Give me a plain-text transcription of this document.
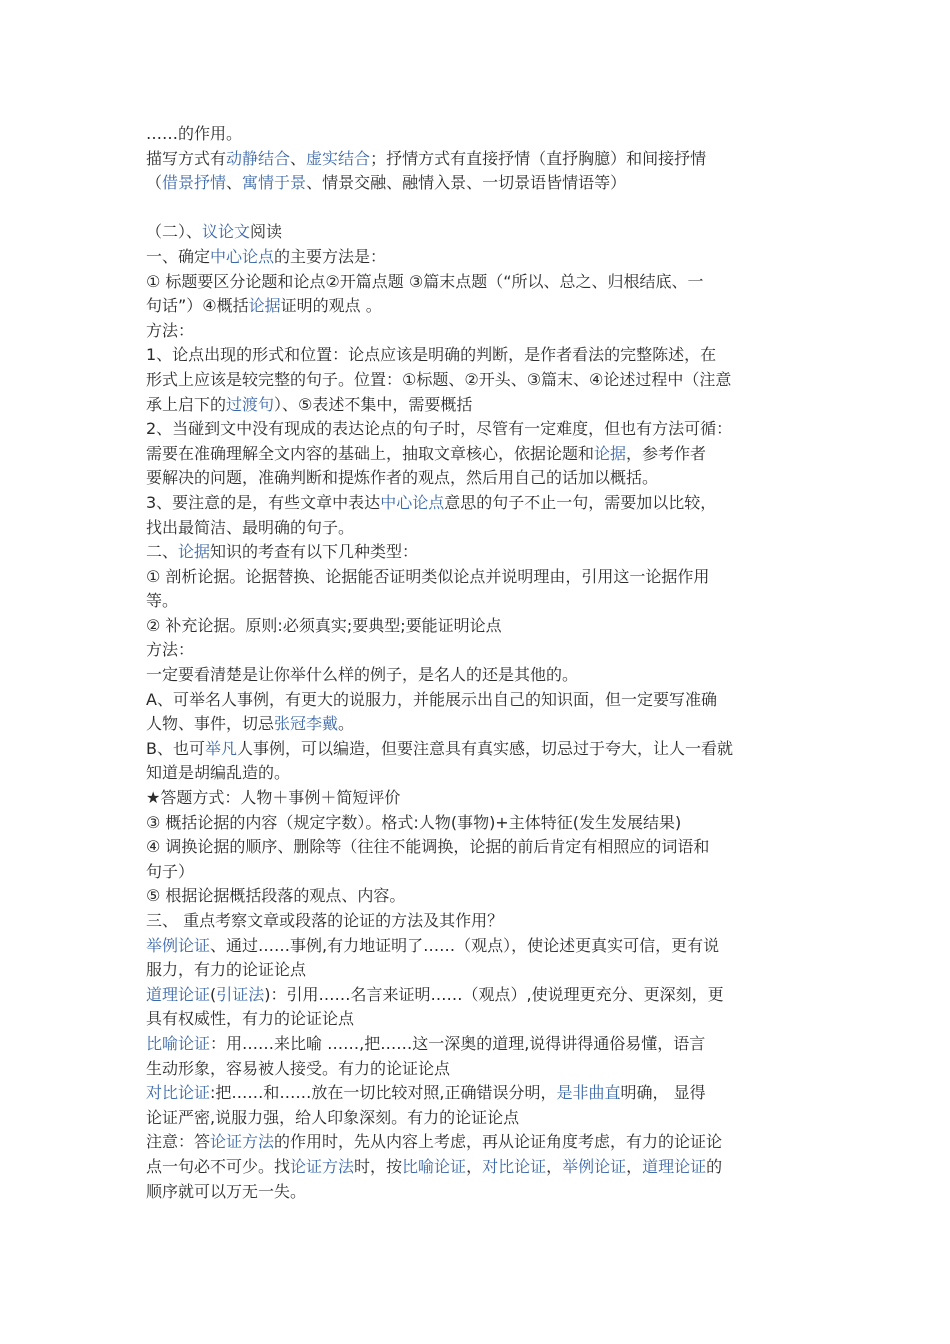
……的作用。
描写方式有动静结合、虚实结合；抒情方式有直接抒情（直抒胸臆）和间接抒情
（借景抒情、寓情于景、情景交融、融情入景、一切景语皆情语等）
（二）、议论文阅读
一、确定中心论点的主要方法是：
① 标题要区分论题和论点②开篇点题 ③篇末点题（“所以、总之、归根结底、一
句话”）④概括论据证明的观点 。
方法：
1、论点出现的形式和位置：论点应该是明确的判断，是作者看法的完整陈述，在
形式上应该是较完整的句子。位置：①标题、②开头、③篇末、④论述过程中（注意
承上启下的过渡句）、⑤表述不集中，需要概括
2、当碰到文中没有现成的表达论点的句子时，尽管有一定难度，但也有方法可循：
需要在准确理解全文内容的基础上，抽取文章核心，依据论题和论据，参考作者
要解决的问题，准确判断和提炼作者的观点，然后用自己的话加以概括。
3、要注意的是，有些文章中表达中心论点意思的句子不止一句，需要加以比较，
找出最简洁、最明确的句子。
二、论据知识的考查有以下几种类型：
① 剖析论据。论据替换、论据能否证明类似论点并说明理由，引用这一论据作用
等。
② 补充论据。原则:必须真实;要典型;要能证明论点
方法：
一定要看清楚是让你举什么样的例子，是名人的还是其他的。
A、可举名人事例，有更大的说服力，并能展示出自己的知识面，但一定要写准确
人物、事件，切忌张冠李戴。
B、也可举凡人事例，可以编造，但要注意具有真实感，切忌过于夸大，让人一看就
知道是胡编乱造的。
★答题方式：人物＋事例＋简短评价
③ 概括论据的内容（规定字数）。格式:人物(事物)+主体特征(发生发展结果)
④ 调换论据的顺序、删除等（往往不能调换，论据的前后肯定有相照应的词语和
句子）
⑤ 根据论据概括段落的观点、内容。
三、 重点考察文章或段落的论证的方法及其作用？
举例论证、通过……事例,有力地证明了……（观点），使论述更真实可信，更有说
服力，有力的论证论点
道理论证(引证法)：引用……名言来证明……（观点）,使说理更充分、更深刻，更
具有权威性，有力的论证论点
比喻论证：用……来比喻 ……,把……这一深奥的道理,说得讲得通俗易懂，语言
生动形象，容易被人接受。有力的论证论点
对比论证:把……和……放在一切比较对照,正确错误分明，是非曲直明确， 显得
论证严密,说服力强，给人印象深刻。有力的论证论点
注意：答论证方法的作用时，先从内容上考虑，再从论证角度考虑，有力的论证论
点一句必不可少。找论证方法时，按比喻论证，对比论证，举例论证，道理论证的
顺序就可以万无一失。
